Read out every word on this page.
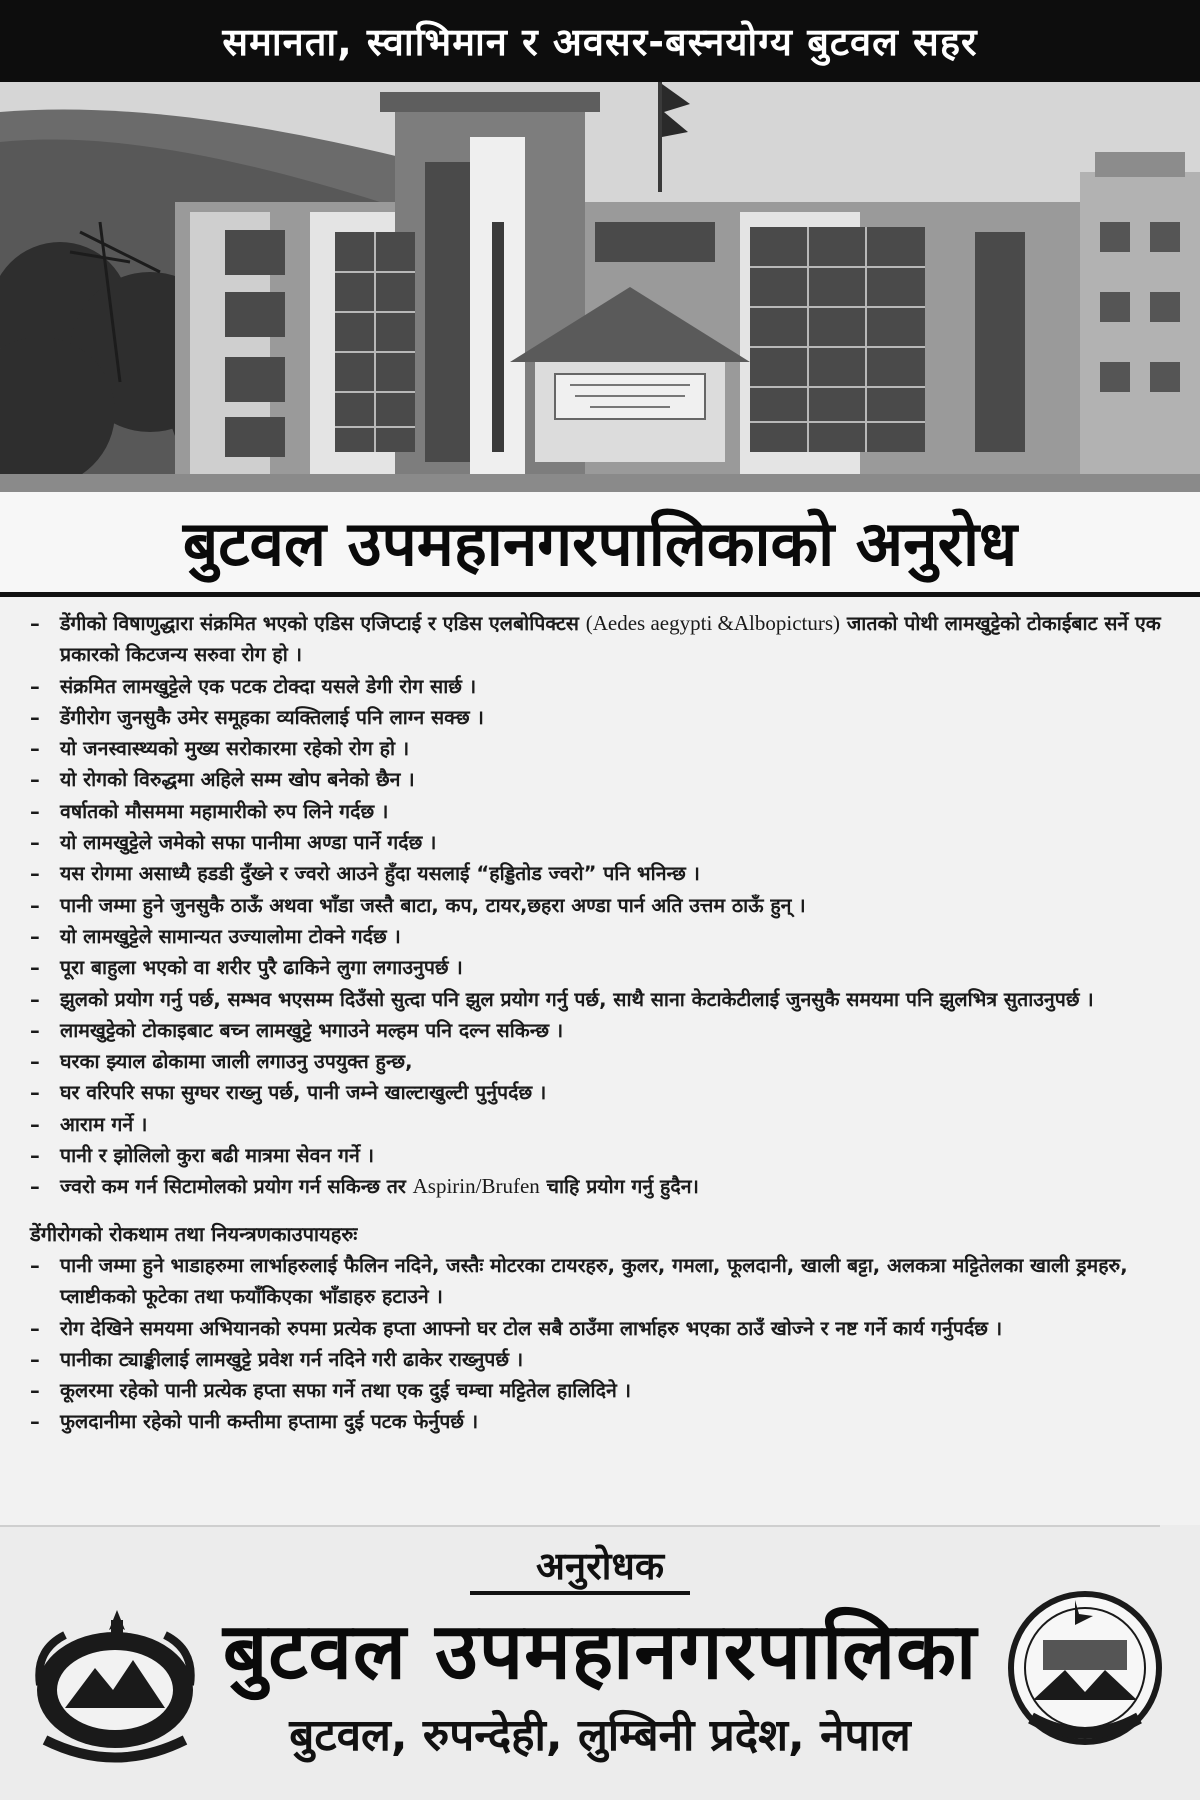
समानता, स्वाभिमान र अवसर-बस्नयोग्य बुटवल सहर
बुटवल उपमहानगरपालिकाको अनुरोध
– डेंगीको विषाणुद्धारा संक्रमित भएको एडिस एजिप्टाई र एडिस एलबोपिक्टस (Aedes aegypti &Albopicturs) जातको पोथी लामखुट्टेको टोकाईबाट सर्ने एक प्रकारको किटजन्य सरुवा रोग हो ।
– संक्रमित लामखुट्टेले एक पटक टोक्दा यसले डेगी रोग सार्छ ।
– डेंगीरोग जुनसुकै उमेर समूहका व्यक्तिलाई पनि लाग्न सक्छ ।
– यो जनस्वास्थ्यको मुख्य सरोकारमा रहेको रोग हो ।
– यो रोगको विरुद्धमा अहिले सम्म खोप बनेको छैन ।
– वर्षातको मौसममा महामारीको रुप लिने गर्दछ ।
– यो लामखुट्टेले जमेको सफा पानीमा अण्डा पार्ने गर्दछ ।
– यस रोगमा असाध्यै हडडी दुँख्ने र ज्वरो आउने हुँदा यसलाई “हड्डितोड ज्वरो” पनि भनिन्छ ।
– पानी जम्मा हुने जुनसुकै ठाऊँ अथवा भाँडा जस्तै बाटा, कप, टायर,छहरा अण्डा पार्न अति उत्तम ठाऊँ हुन् ।
– यो लामखुट्टेले सामान्यत उज्यालोमा टोक्ने गर्दछ ।
– पूरा बाहुला भएको वा शरीर पुरै ढाकिने लुगा लगाउनुपर्छ ।
– झुलको प्रयोग गर्नु पर्छ, सम्भव भएसम्म दिउँसो सुत्दा पनि झुल प्रयोग गर्नु पर्छ, साथै साना केटाकेटीलाई जुनसुकै समयमा पनि झुलभित्र सुताउनुपर्छ ।
– लामखुट्टेको टोकाइबाट बच्न लामखुट्टे भगाउने मल्हम पनि दल्न सकिन्छ ।
– घरका झ्याल ढोकामा जाली लगाउनु उपयुक्त हुन्छ,
– घर वरिपरि सफा सुग्घर राख्नु पर्छ, पानी जम्ने खाल्टाखुल्टी पुर्नुपर्दछ ।
– आराम गर्ने ।
– पानी र झोलिलो कुरा बढी मात्रमा सेवन गर्ने ।
– ज्वरो कम गर्न सिटामोलको प्रयोग गर्न सकिन्छ तर Aspirin/Brufen चाहि प्रयोग गर्नु हुदैन।
डेंगीरोगको रोकथाम तथा नियन्त्रणकाउपायहरुः
– पानी जम्मा हुने भाडाहरुमा लार्भाहरुलाई फैलिन नदिने, जस्तैः मोटरका टायरहरु, कुलर, गमला, फूलदानी, खाली बट्टा, अलकत्रा मट्टितेलका खाली ड्रमहरु, प्लाष्टीकको फूटेका तथा फयाँकिएका भाँडाहरु हटाउने ।
– रोग देखिने समयमा अभियानको रुपमा प्रत्येक हप्ता आफ्नो घर टोल सबै ठाउँमा लार्भाहरु भएका ठाउँ खोज्ने र नष्ट गर्ने कार्य गर्नुपर्दछ ।
– पानीका ट्याङ्कीलाई लामखुट्टे प्रवेश गर्न नदिने गरी ढाकेर राख्नुपर्छ ।
– कूलरमा रहेको पानी प्रत्येक हप्ता सफा गर्ने तथा एक दुई चम्चा मट्टितेल हालिदिने ।
– फुलदानीमा रहेको पानी कम्तीमा हप्तामा दुई पटक फेर्नुपर्छ ।
अनुरोधक
बुटवल उपमहानगरपालिका
बुटवल, रुपन्देही, लुम्बिनी प्रदेश, नेपाल
